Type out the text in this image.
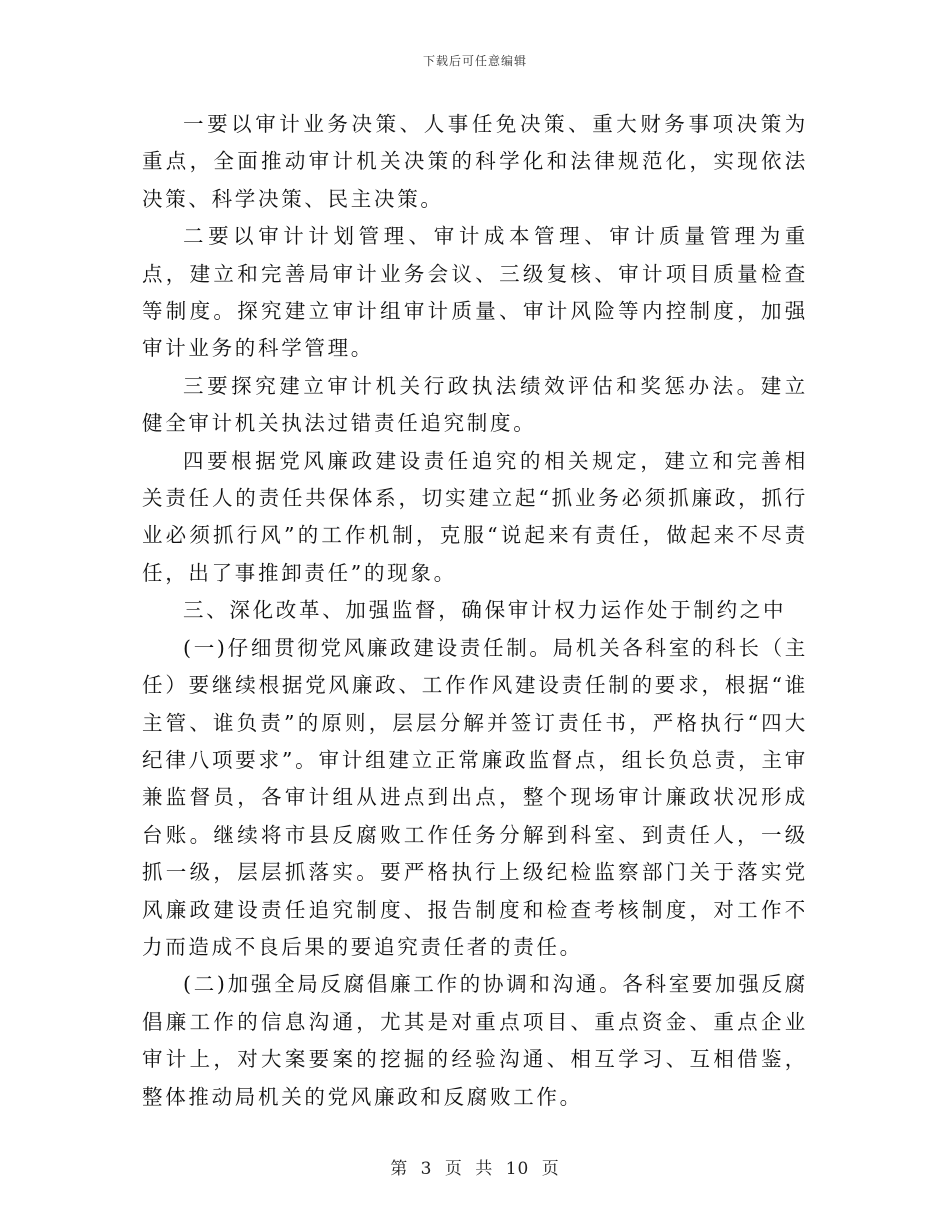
下载后可任意编辑

一要以审计业务决策、人事任免决策、重大财务事项决策为重点，全面推动审计机关决策的科学化和法律规范化，实现依法决策、科学决策、民主决策。

二要以审计计划管理、审计成本管理、审计质量管理为重点，建立和完善局审计业务会议、三级复核、审计项目质量检查等制度。探究建立审计组审计质量、审计风险等内控制度，加强审计业务的科学管理。

三要探究建立审计机关行政执法绩效评估和奖惩办法。建立健全审计机关执法过错责任追究制度。

四要根据党风廉政建设责任追究的相关规定，建立和完善相关责任人的责任共保体系，切实建立起“抓业务必须抓廉政，抓行业必须抓行风”的工作机制，克服“说起来有责任，做起来不尽责任，出了事推卸责任”的现象。

三、深化改革、加强监督，确保审计权力运作处于制约之中

(一)仔细贯彻党风廉政建设责任制。局机关各科室的科长（主任）要继续根据党风廉政、工作作风建设责任制的要求，根据“谁主管、谁负责”的原则，层层分解并签订责任书，严格执行“四大纪律八项要求”。审计组建立正常廉政监督点，组长负总责，主审兼监督员，各审计组从进点到出点，整个现场审计廉政状况形成台账。继续将市县反腐败工作任务分解到科室、到责任人，一级抓一级，层层抓落实。要严格执行上级纪检监察部门关于落实党风廉政建设责任追究制度、报告制度和检查考核制度，对工作不力而造成不良后果的要追究责任者的责任。

(二)加强全局反腐倡廉工作的协调和沟通。各科室要加强反腐倡廉工作的信息沟通，尤其是对重点项目、重点资金、重点企业审计上，对大案要案的挖掘的经验沟通、相互学习、互相借鉴，整体推动局机关的党风廉政和反腐败工作。

第 3 页 共 10 页
